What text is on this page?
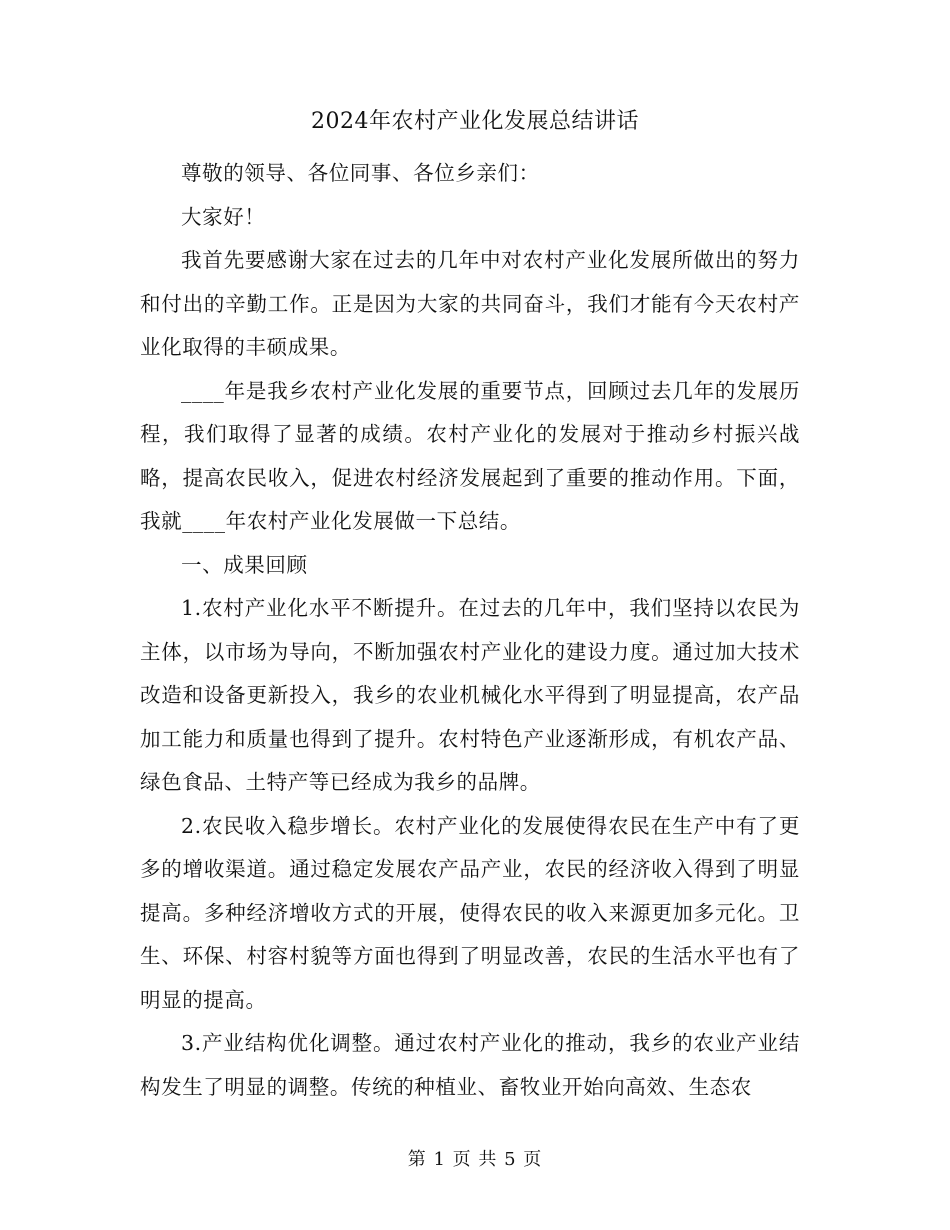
2024年农村产业化发展总结讲话

尊敬的领导、各位同事、各位乡亲们：

大家好！

我首先要感谢大家在过去的几年中对农村产业化发展所做出的努力和付出的辛勤工作。正是因为大家的共同奋斗，我们才能有今天农村产业化取得的丰硕成果。

____年是我乡农村产业化发展的重要节点，回顾过去几年的发展历程，我们取得了显著的成绩。农村产业化的发展对于推动乡村振兴战略，提高农民收入，促进农村经济发展起到了重要的推动作用。下面，我就____年农村产业化发展做一下总结。

一、成果回顾

1.农村产业化水平不断提升。在过去的几年中，我们坚持以农民为主体，以市场为导向，不断加强农村产业化的建设力度。通过加大技术改造和设备更新投入，我乡的农业机械化水平得到了明显提高，农产品加工能力和质量也得到了提升。农村特色产业逐渐形成，有机农产品、绿色食品、土特产等已经成为我乡的品牌。

2.农民收入稳步增长。农村产业化的发展使得农民在生产中有了更多的增收渠道。通过稳定发展农产品产业，农民的经济收入得到了明显提高。多种经济增收方式的开展，使得农民的收入来源更加多元化。卫生、环保、村容村貌等方面也得到了明显改善，农民的生活水平也有了明显的提高。

3.产业结构优化调整。通过农村产业化的推动，我乡的农业产业结构发生了明显的调整。传统的种植业、畜牧业开始向高效、生态农

第 1 页 共 5 页
